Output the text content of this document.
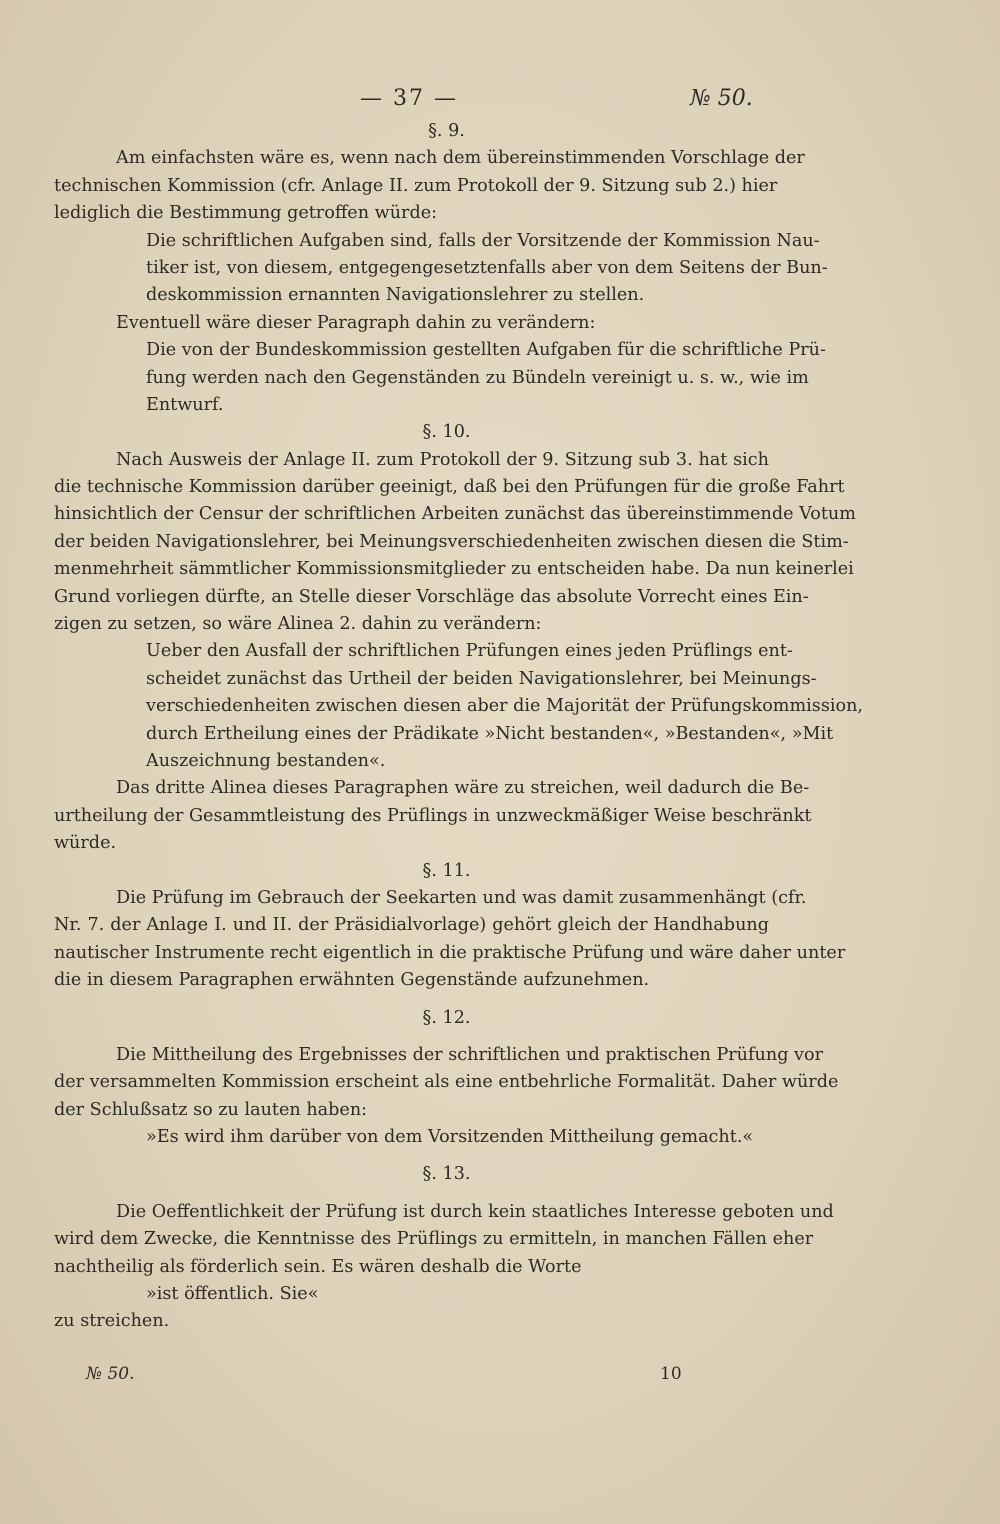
— 37 —	№ 50.
§. 9.
Am einfachsten wäre es, wenn nach dem übereinstimmenden Vorschlage der
technischen Kommission (cfr. Anlage II. zum Protokoll der 9. Sitzung sub 2.) hier
lediglich die Bestimmung getroffen würde:
Die schriftlichen Aufgaben sind, falls der Vorsitzende der Kommission Nau-
tiker ist, von diesem, entgegengesetztenfalls aber von dem Seitens der Bun-
deskommission ernannten Navigationslehrer zu stellen.
Eventuell wäre dieser Paragraph dahin zu verändern:
Die von der Bundeskommission gestellten Aufgaben für die schriftliche Prü-
fung werden nach den Gegenständen zu Bündeln vereinigt u. s. w., wie im
Entwurf.
§. 10.
Nach Ausweis der Anlage II. zum Protokoll der 9. Sitzung sub 3. hat sich
die technische Kommission darüber geeinigt, daß bei den Prüfungen für die große Fahrt
hinsichtlich der Censur der schriftlichen Arbeiten zunächst das übereinstimmende Votum
der beiden Navigationslehrer, bei Meinungsverschiedenheiten zwischen diesen die Stim-
menmehrheit sämmtlicher Kommissionsmitglieder zu entscheiden habe. Da nun keinerlei
Grund vorliegen dürfte, an Stelle dieser Vorschläge das absolute Vorrecht eines Ein-
zigen zu setzen, so wäre Alinea 2. dahin zu verändern:
Ueber den Ausfall der schriftlichen Prüfungen eines jeden Prüflings ent-
scheidet zunächst das Urtheil der beiden Navigationslehrer, bei Meinungs-
verschiedenheiten zwischen diesen aber die Majorität der Prüfungskommission,
durch Ertheilung eines der Prädikate »Nicht bestanden«, »Bestanden«, »Mit
Auszeichnung bestanden«.
Das dritte Alinea dieses Paragraphen wäre zu streichen, weil dadurch die Be-
urtheilung der Gesammtleistung des Prüflings in unzweckmäßiger Weise beschränkt
würde.
§. 11.
Die Prüfung im Gebrauch der Seekarten und was damit zusammenhängt (cfr.
Nr. 7. der Anlage I. und II. der Präsidialvorlage) gehört gleich der Handhabung
nautischer Instrumente recht eigentlich in die praktische Prüfung und wäre daher unter
die in diesem Paragraphen erwähnten Gegenstände aufzunehmen.
§. 12.
Die Mittheilung des Ergebnisses der schriftlichen und praktischen Prüfung vor
der versammelten Kommission erscheint als eine entbehrliche Formalität. Daher würde
der Schlußsatz so zu lauten haben:
»Es wird ihm darüber von dem Vorsitzenden Mittheilung gemacht.«
§. 13.
Die Oeffentlichkeit der Prüfung ist durch kein staatliches Interesse geboten und
wird dem Zwecke, die Kenntnisse des Prüflings zu ermitteln, in manchen Fällen eher
nachtheilig als förderlich sein. Es wären deshalb die Worte
»ist öffentlich. Sie«
zu streichen.
№ 50.	10
